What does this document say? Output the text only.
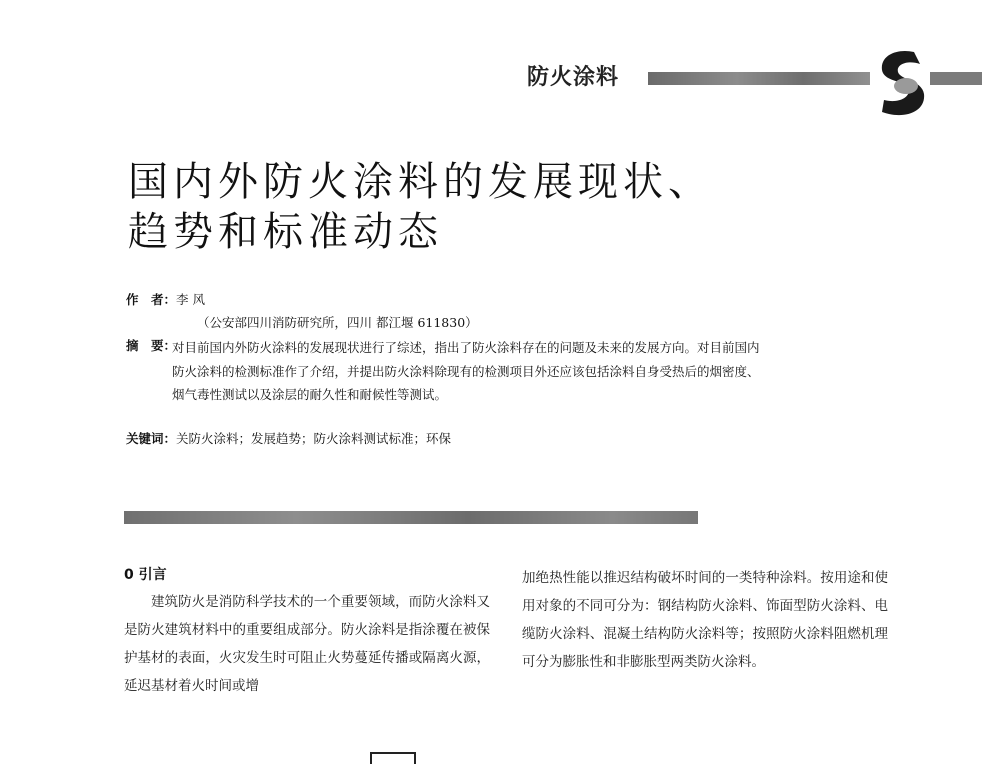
防火涂料
国内外防火涂料的发展现状、
趋势和标准动态
作　者：李 风
（公安部四川消防研究所，四川 都江堰 611830）
摘　要：
对目前国内外防火涂料的发展现状进行了综述，指出了防火涂料存在的问题及未来的发展方向。对目前国内防火涂料的检测标准作了介绍，并提出防火涂料除现有的检测项目外还应该包括涂料自身受热后的烟密度、烟气毒性测试以及涂层的耐久性和耐候性等测试。
关键词：关防火涂料；发展趋势；防火涂料测试标准；环保
0 引言
建筑防火是消防科学技术的一个重要领域，而防火涂料又是防火建筑材料中的重要组成部分。防火涂料是指涂覆在被保护基材的表面，火灾发生时可阻止火势蔓延传播或隔离火源，延迟基材着火时间或增
加绝热性能以推迟结构破坏时间的一类特种涂料。按用途和使用对象的不同可分为：钢结构防火涂料、饰面型防火涂料、电缆防火涂料、混凝土结构防火涂料等；按照防火涂料阻燃机理可分为膨胀性和非膨胀型两类防火涂料。
